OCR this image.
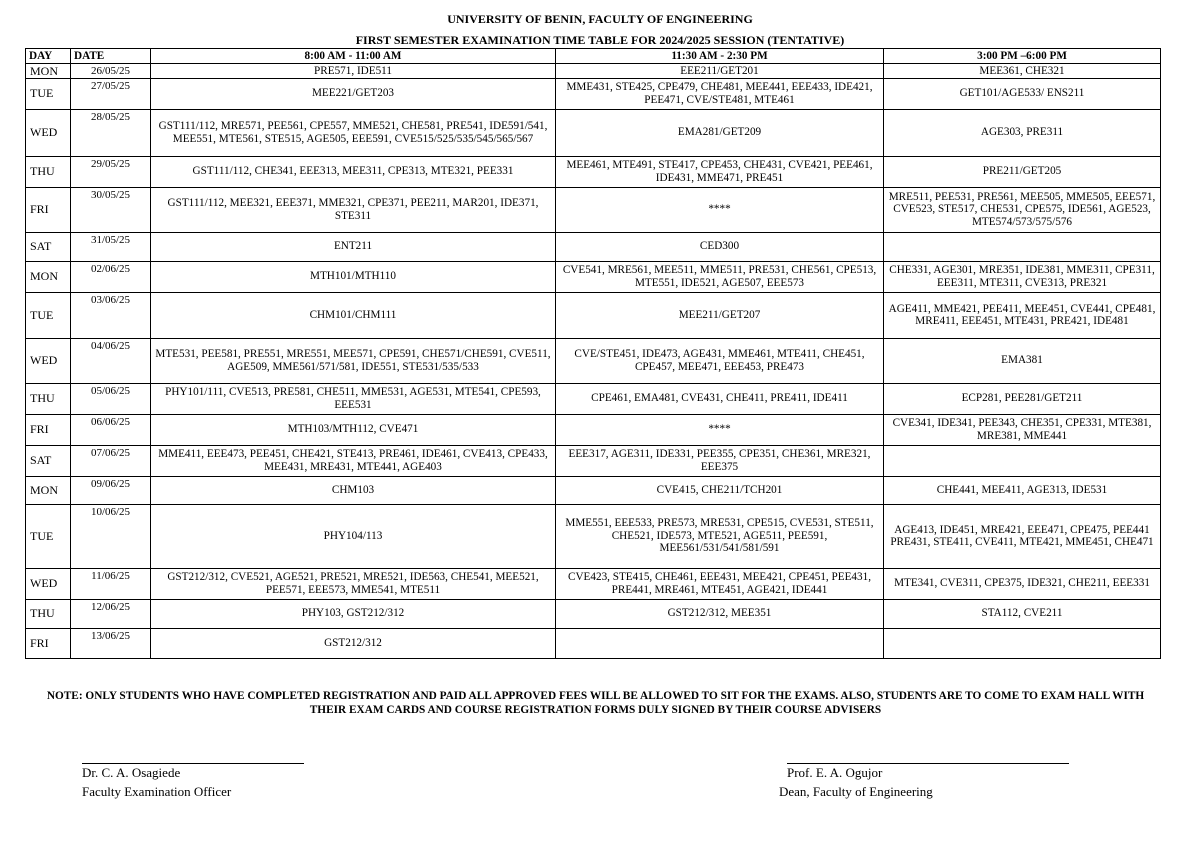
UNIVERSITY OF BENIN, FACULTY OF ENGINEERING
FIRST SEMESTER EXAMINATION TIME TABLE FOR 2024/2025 SESSION (TENTATIVE)
DAY	DATE	8:00 AM - 11:00 AM	11:30 AM - 2:30 PM	3:00 PM –6:00 PM
MON	26/05/25	PRE571, IDE511	EEE211/GET201	MEE361, CHE321
TUE	27/05/25	MEE221/GET203	MME431, STE425, CPE479, CHE481, MEE441, EEE433, IDE421, PEE471, CVE/STE481, MTE461	GET101/AGE533/ ENS211
WED	28/05/25	GST111/112, MRE571, PEE561, CPE557, MME521, CHE581, PRE541, IDE591/541, MEE551, MTE561, STE515, AGE505, EEE591, CVE515/525/535/545/565/567	EMA281/GET209	AGE303, PRE311
THU	29/05/25	GST111/112, CHE341, EEE313, MEE311, CPE313, MTE321, PEE331	MEE461, MTE491, STE417, CPE453, CHE431, CVE421, PEE461, IDE431, MME471, PRE451	PRE211/GET205
FRI	30/05/25	GST111/112, MEE321, EEE371, MME321, CPE371, PEE211, MAR201, IDE371, STE311	****	MRE511, PEE531, PRE561, MEE505, MME505, EEE571, CVE523, STE517, CHE531, CPE575, IDE561, AGE523, MTE574/573/575/576
SAT	31/05/25	ENT211	CED300	
MON	02/06/25	MTH101/MTH110	CVE541, MRE561, MEE511, MME511, PRE531, CHE561, CPE513, MTE551, IDE521, AGE507, EEE573	CHE331, AGE301, MRE351, IDE381, MME311, CPE311, EEE311, MTE311, CVE313, PRE321
TUE	03/06/25	CHM101/CHM111	MEE211/GET207	AGE411, MME421, PEE411, MEE451, CVE441, CPE481, MRE411, EEE451, MTE431, PRE421, IDE481
WED	04/06/25	MTE531, PEE581, PRE551, MRE551, MEE571, CPE591, CHE571/CHE591, CVE511, AGE509, MME561/571/581, IDE551, STE531/535/533	CVE/STE451, IDE473, AGE431, MME461, MTE411, CHE451, CPE457, MEE471, EEE453, PRE473	EMA381
THU	05/06/25	PHY101/111, CVE513, PRE581, CHE511, MME531, AGE531, MTE541, CPE593, EEE531	CPE461, EMA481, CVE431, CHE411, PRE411, IDE411	ECP281, PEE281/GET211
FRI	06/06/25	MTH103/MTH112, CVE471	****	CVE341, IDE341, PEE343, CHE351, CPE331, MTE381, MRE381, MME441
SAT	07/06/25	MME411, EEE473, PEE451, CHE421, STE413, PRE461, IDE461, CVE413, CPE433, MEE431, MRE431, MTE441, AGE403	EEE317, AGE311, IDE331, PEE355, CPE351, CHE361, MRE321, EEE375	
MON	09/06/25	CHM103	CVE415, CHE211/TCH201	CHE441, MEE411, AGE313, IDE531
TUE	10/06/25	PHY104/113	MME551, EEE533, PRE573, MRE531, CPE515, CVE531, STE511, CHE521, IDE573, MTE521, AGE511, PEE591, MEE561/531/541/581/591	AGE413, IDE451, MRE421, EEE471, CPE475, PEE441 PRE431, STE411, CVE411, MTE421, MME451, CHE471
WED	11/06/25	GST212/312, CVE521, AGE521, PRE521, MRE521, IDE563, CHE541, MEE521, PEE571, EEE573, MME541, MTE511	CVE423, STE415, CHE461, EEE431, MEE421, CPE451, PEE431, PRE441, MRE461, MTE451, AGE421, IDE441	MTE341, CVE311, CPE375, IDE321, CHE211, EEE331
THU	12/06/25	PHY103, GST212/312	GST212/312, MEE351	STA112, CVE211
FRI	13/06/25	GST212/312		
NOTE: ONLY STUDENTS WHO HAVE COMPLETED REGISTRATION AND PAID ALL APPROVED FEES WILL BE ALLOWED TO SIT FOR THE EXAMS. ALSO, STUDENTS ARE TO COME TO EXAM HALL WITH THEIR EXAM CARDS AND COURSE REGISTRATION FORMS DULY SIGNED BY THEIR COURSE ADVISERS
Dr. C. A. Osagiede
Faculty Examination Officer
Prof. E. A. Ogujor
Dean, Faculty of Engineering
